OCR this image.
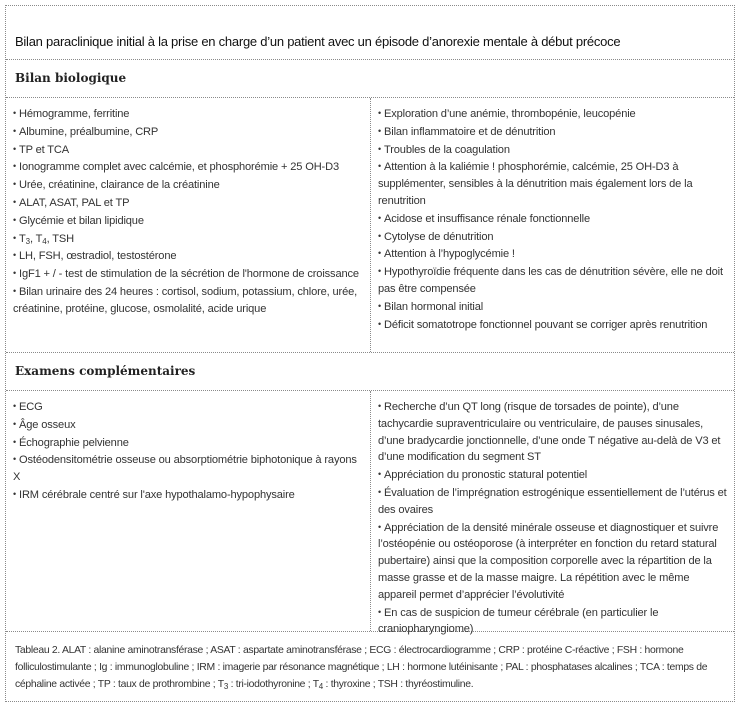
Bilan paraclinique initial à la prise en charge d’un patient avec un épisode d’anorexie mentale à début précoce
Bilan biologique
• Hémogramme, ferritine
• Albumine, préalbumine, CRP
• TP et TCA
• Ionogramme complet avec calcémie, et phosphorémie + 25 OH-D3
• Urée, créatinine, clairance de la créatinine
• ALAT, ASAT, PAL et TP
• Glycémie et bilan lipidique
• $T_3$, $T_4$, TSH
• LH, FSH, œstradiol, testostérone
• IgF1 + / - test de stimulation de la sécrétion de l'hormone de croissance
• Bilan urinaire des 24 heures : cortisol, sodium, potassium, chlore, urée, créatinine, protéine, glucose, osmolalité, acide urique
• Exploration d’une anémie, thrombopénie, leucopénie
• Bilan inflammatoire et de dénutrition
• Troubles de la coagulation
• Attention à la kaliémie ! phosphorémie, calcémie, 25 OH-D3 à supplémenter, sensibles à la dénutrition mais également lors de la renutrition
• Acidose et insuffisance rénale fonctionnelle
• Cytolyse de dénutrition
• Attention à l’hypoglycémie !
• Hypothyroïdie fréquente dans les cas de dénutrition sévère, elle ne doit pas être compensée
• Bilan hormonal initial
• Déficit somatotrope fonctionnel pouvant se corriger après renutrition
Examens complémentaires
• ECG
• Âge osseux
• Échographie pelvienne
• Ostéodensitométrie osseuse ou absorptiométrie biphotonique à rayons X
• IRM cérébrale centré sur l'axe hypothalamo-hypophysaire
• Recherche d’un QT long (risque de torsades de pointe), d’une tachycardie supraventriculaire ou ventriculaire, de pauses sinusales, d’une bradycardie jonctionnelle, d’une onde T négative au-delà de V3 et d’une modification du segment ST
• Appréciation du pronostic statural potentiel
• Évaluation de l’imprégnation estrogénique essentiellement de l’utérus et des ovaires
• Appréciation de la densité minérale osseuse et diagnostiquer et suivre l’ostéopénie ou ostéoporose (à interpréter en fonction du retard statural pubertaire) ainsi que la composition corporelle avec la répartition de la masse grasse et de la masse maigre. La répétition avec le même appareil permet d’apprécier l’évolutivité
• En cas de suspicion de tumeur cérébrale (en particulier le craniopharyngiome)
Tableau 2. ALAT : alanine aminotransférase ; ASAT : aspartate aminotransférase ; ECG : électrocardiogramme ; CRP : protéine C-réactive ; FSH : hormone folliculostimulante ; Ig : immunoglobuline ; IRM : imagerie par résonance magnétique ; LH : hormone lutéinisante ; PAL : phosphatases alcalines ; TCA : temps de céphaline activée ; TP : taux de prothrombine ; $T_3$ : tri-iodothyronine ; $T_4$ : thyroxine ; TSH : thyréostimuline.
